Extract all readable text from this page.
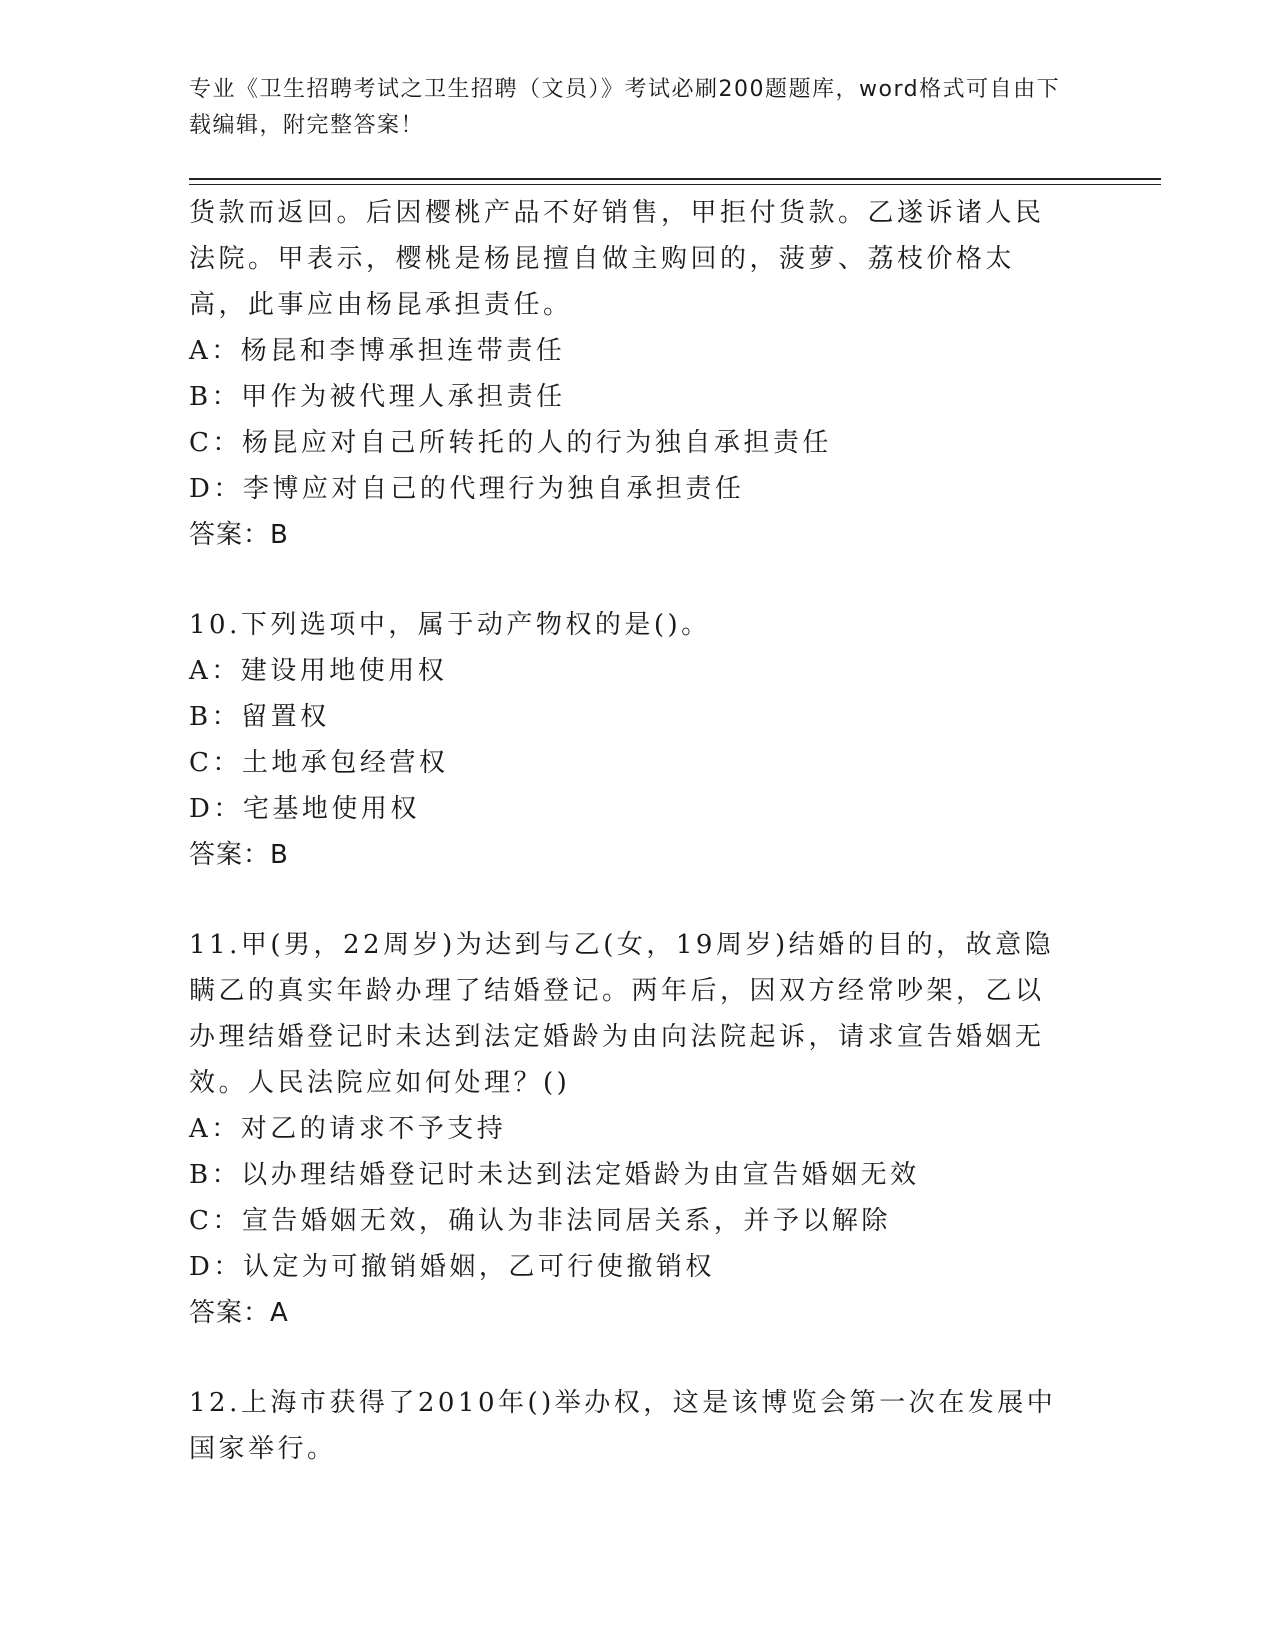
专业《卫生招聘考试之卫生招聘（文员）》考试必刷200题题库，word格式可自由下载编辑，附完整答案！

货款而返回。后因樱桃产品不好销售，甲拒付货款。乙遂诉诸人民法院。甲表示，樱桃是杨昆擅自做主购回的，菠萝、荔枝价格太高，此事应由杨昆承担责任。

A：杨昆和李博承担连带责任

B：甲作为被代理人承担责任

C：杨昆应对自己所转托的人的行为独自承担责任

D：李博应对自己的代理行为独自承担责任

答案：B

10.下列选项中，属于动产物权的是()。

A：建设用地使用权

B：留置权

C：土地承包经营权

D：宅基地使用权

答案：B

11.甲(男，22周岁)为达到与乙(女，19周岁)结婚的目的，故意隐瞒乙的真实年龄办理了结婚登记。两年后，因双方经常吵架，乙以办理结婚登记时未达到法定婚龄为由向法院起诉，请求宣告婚姻无效。人民法院应如何处理？()

A：对乙的请求不予支持

B：以办理结婚登记时未达到法定婚龄为由宣告婚姻无效

C：宣告婚姻无效，确认为非法同居关系，并予以解除

D：认定为可撤销婚姻，乙可行使撤销权

答案：A

12.上海市获得了2010年()举办权，这是该博览会第一次在发展中国家举行。
